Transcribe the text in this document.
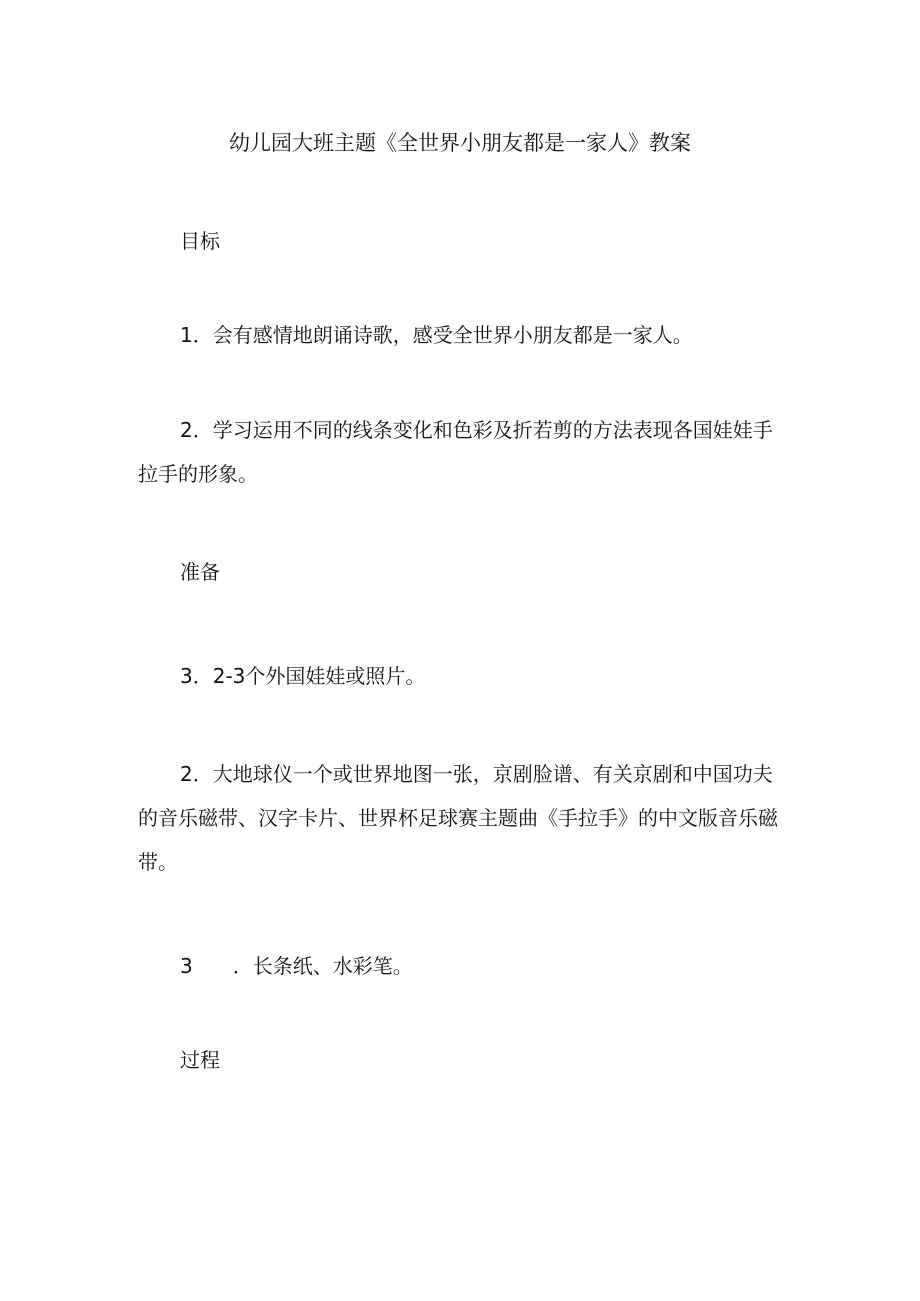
幼儿园大班主题《全世界小朋友都是一家人》教案

目标

1．会有感情地朗诵诗歌，感受全世界小朋友都是一家人。

2．学习运用不同的线条变化和色彩及折若剪的方法表现各国娃娃手拉手的形象。

准备

3．2-3个外国娃娃或照片。

2．大地球仪一个或世界地图一张，京剧脸谱、有关京剧和中国功夫的音乐磁带、汉字卡片、世界杯足球赛主题曲《手拉手》的中文版音乐磁带。

3 ．长条纸、水彩笔。

过程
